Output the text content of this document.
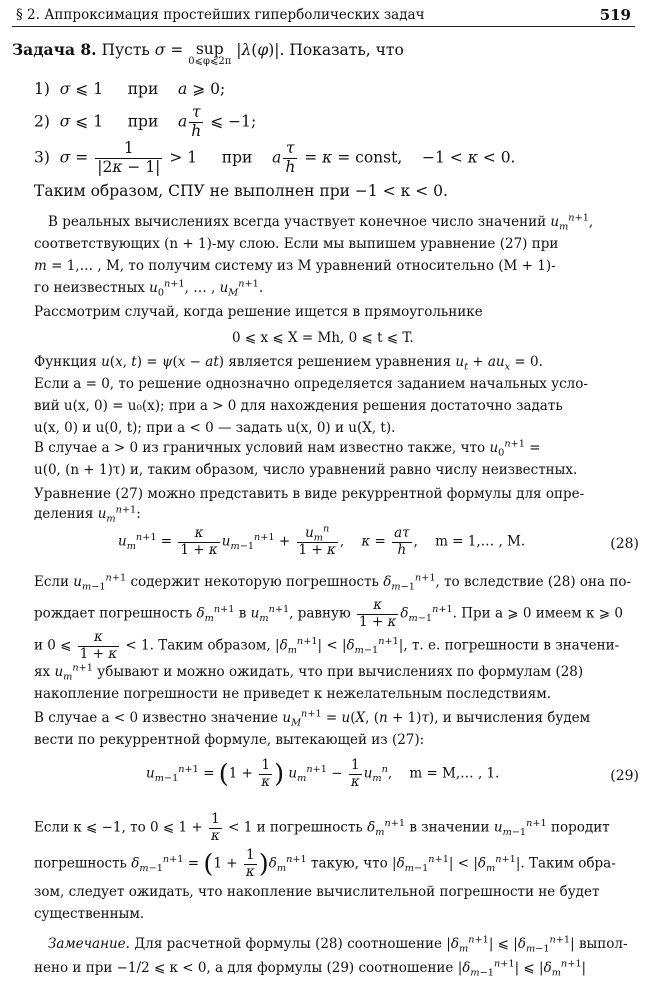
§ 2. Аппроксимация простейших гиперболических задач	519
Задача 8. Пусть σ = sup
0⩽φ⩽2π
|λ(φ)|. Показать, что
1) σ ⩽ 1     при a ⩾ 0;
2) σ ⩽ 1     при a $\frac{\tau}{h}$ ⩽ −1;
3) $\sigma = \frac{1}{|2\kappa - 1|} > 1$     при a $\frac{\tau}{h} = \kappa$ = const,    −1 < κ < 0.
Таким образом, СПУ не выполнен при −1 < κ < 0.
В реальных вычислениях всегда участвует конечное число значений $u_m^{n+1}$,
соответствующих (n + 1)-му слою. Если мы выпишем уравнение (27) при
m = 1,… , M, то получим систему из M уравнений относительно (M + 1)-
го неизвестных $u_0^{n+1}$, … , $u_M^{n+1}$.
Рассмотрим случай, когда решение ищется в прямоугольнике
0 ⩽ x ⩽ X = Mh, 0 ⩽ t ⩽ T.
Функция u(x, t) = ψ(x − at) является решением уравнения $u_t + au_x = 0$.
Если a = 0, то решение однозначно определяется заданием начальных усло-
вий u(x, 0) = u₀(x); при a > 0 для нахождения решения достаточно задать
u(x, 0) и u(0, t); при a < 0 — задать u(x, 0) и u(X, t).
В случае a > 0 из граничных условий нам известно также, что $u_0^{n+1}$ =
u(0, (n + 1)τ) и, таким образом, число уравнений равно числу неизвестных.
Уравнение (27) можно представить в виде рекуррентной формулы для опре-
деления $u_m^{n+1}$:
$u_m^{n+1} = \frac{\kappa}{1 + \kappa} u_{m-1}^{n+1} + \frac{u_m^n}{1 + \kappa}$ ,    $\kappa = \frac{a\tau}{h}$ ,    m = 1,… , M.	(28)
Если $u_{m-1}^{n+1}$ содержит некоторую погрешность $\delta_{m-1}^{n+1}$, то вследствие (28) она по-
рождает погрешность $\delta_m^{n+1}$ в $u_m^{n+1}$, равную $\frac{\kappa}{1 + \kappa} \delta_{m-1}^{n+1}$. При a ⩾ 0 имеем κ ⩾ 0
и 0 ⩽ $\frac{\kappa}{1 + \kappa} < 1$. Таким образом, $|\delta_m^{n+1}| < |\delta_{m-1}^{n+1}|$, т. е. погрешности в значени-
ях $u_m^{n+1}$ убывают и можно ожидать, что при вычислениях по формулам (28)
накопление погрешности не приведет к нежелательным последствиям.
В случае a < 0 известно значение $u_M^{n+1} = u(X$, (n + 1)τ), и вычисления будем
вести по рекуррентной формуле, вытекающей из (27):
$u_{m-1}^{n+1} = (1 + \frac{1}{\kappa}$ ) $u_m^{n+1} - \frac{1}{\kappa} u_m^n$,    m = M,… , 1.	(29)
Если κ ⩽ −1, то 0 ⩽ $1 + \frac{1}{\kappa} < 1$ и погрешность $\delta_m^{n+1}$ в значении $u_{m-1}^{n+1}$ породит
погрешность $\delta_{m-1}^{n+1} = (1 + \frac{1}{\kappa} )\delta_m^{n+1}$ такую, что $|\delta_{m-1}^{n+1}| < |\delta_m^{n+1}|$. Таким обра-
зом, следует ожидать, что накопление вычислительной погрешности не будет
существенным.
Замечание. Для расчетной формулы (28) соотношение $|\delta_m^{n+1}|$ ⩽ $|\delta_{m-1}^{n+1}|$ выпол-
нено и при −1/2 ⩽ κ < 0, а для формулы (29) соотношение $|\delta_{m-1}^{n+1}|$ ⩽ $|\delta_m^{n+1}|$
